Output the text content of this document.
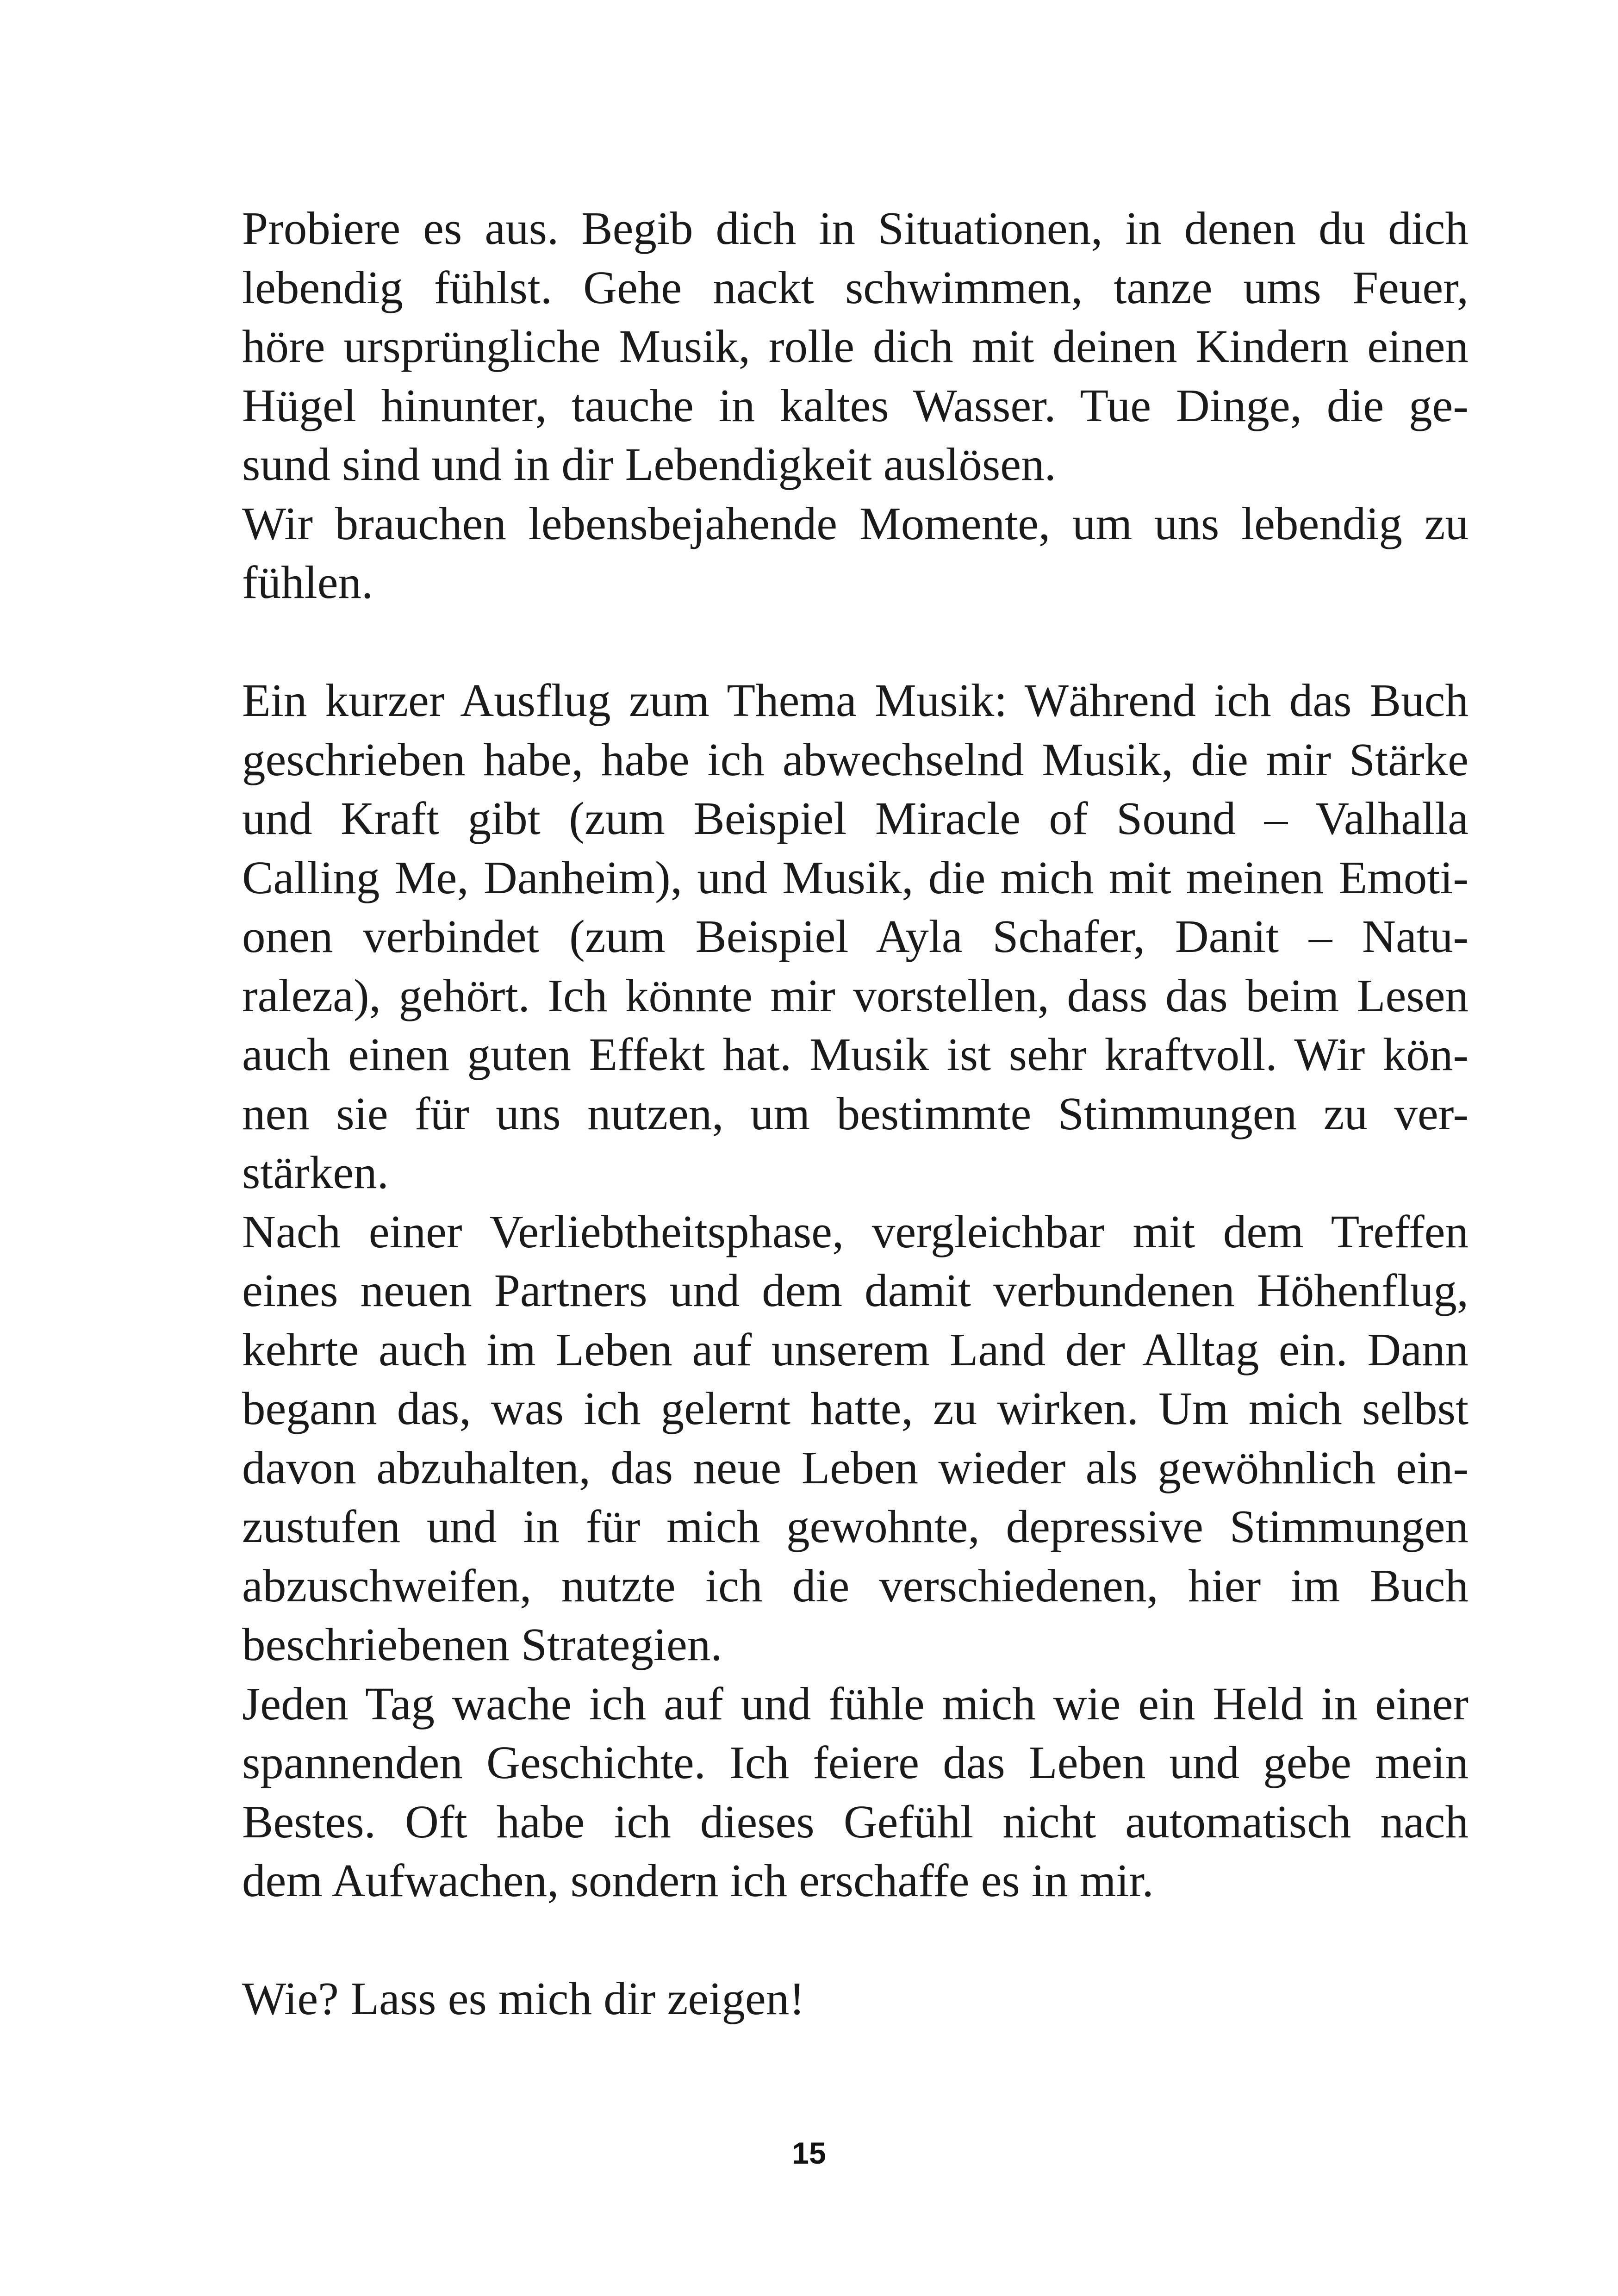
Probiere es aus. Begib dich in Situationen, in denen du dich
lebendig fühlst. Gehe nackt schwimmen, tanze ums Feuer,
höre ursprüngliche Musik, rolle dich mit deinen Kindern einen
Hügel hinunter, tauche in kaltes Wasser. Tue Dinge, die ge-
sund sind und in dir Lebendigkeit auslösen.
Wir brauchen lebensbejahende Momente, um uns lebendig zu
fühlen.
Ein kurzer Ausflug zum Thema Musik: Während ich das Buch
geschrieben habe, habe ich abwechselnd Musik, die mir Stärke
und Kraft gibt (zum Beispiel Miracle of Sound – Valhalla
Calling Me, Danheim), und Musik, die mich mit meinen Emoti-
onen verbindet (zum Beispiel Ayla Schafer, Danit – Natu-
raleza), gehört. Ich könnte mir vorstellen, dass das beim Lesen
auch einen guten Effekt hat. Musik ist sehr kraftvoll. Wir kön-
nen sie für uns nutzen, um bestimmte Stimmungen zu ver-
stärken.
Nach einer Verliebtheitsphase, vergleichbar mit dem Treffen
eines neuen Partners und dem damit verbundenen Höhenflug,
kehrte auch im Leben auf unserem Land der Alltag ein. Dann
begann das, was ich gelernt hatte, zu wirken. Um mich selbst
davon abzuhalten, das neue Leben wieder als gewöhnlich ein-
zustufen und in für mich gewohnte, depressive Stimmungen
abzuschweifen, nutzte ich die verschiedenen, hier im Buch
beschriebenen Strategien.
Jeden Tag wache ich auf und fühle mich wie ein Held in einer
spannenden Geschichte. Ich feiere das Leben und gebe mein
Bestes. Oft habe ich dieses Gefühl nicht automatisch nach
dem Aufwachen, sondern ich erschaffe es in mir.
Wie? Lass es mich dir zeigen!
15
